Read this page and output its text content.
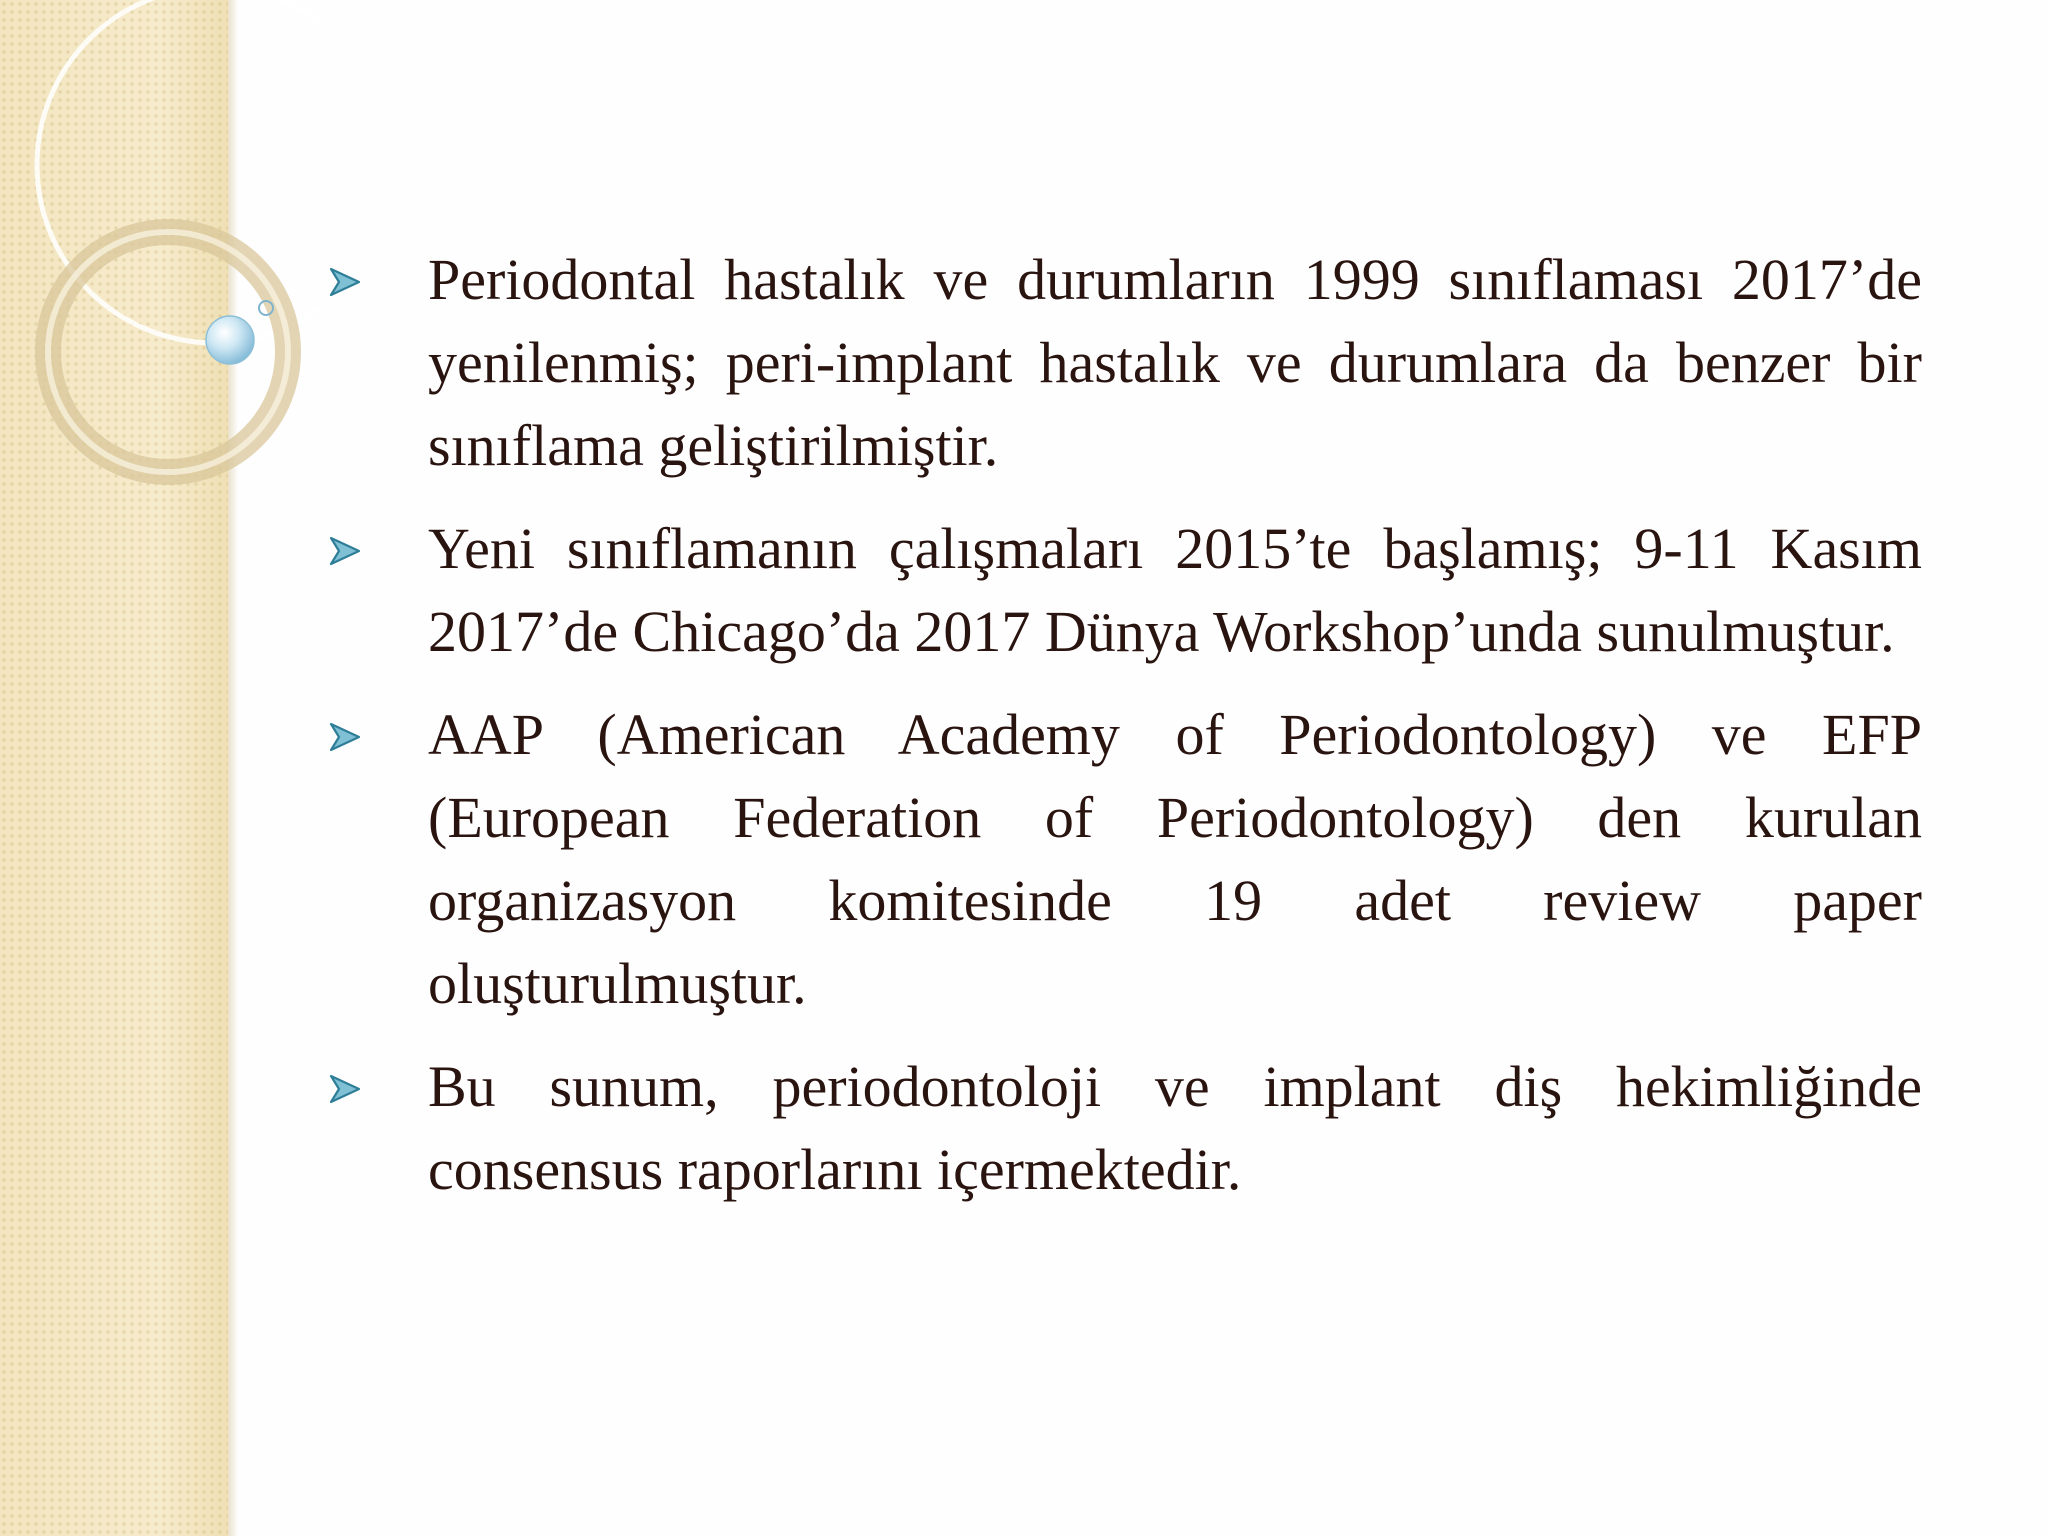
Periodontal hastalık ve durumların 1999 sınıflaması 2017’de yenilenmiş; peri-implant hastalık ve durumlara da benzer bir sınıflama geliştirilmiştir.
Yeni sınıflamanın çalışmaları 2015’te başlamış; 9-11 Kasım 2017’de Chicago’da 2017 Dünya Workshop’unda sunulmuştur.
AAP (American Academy of Periodontology) ve EFP (European Federation of Periodontology) den kurulan organizasyon komitesinde 19 adet review paper oluşturulmuştur.
Bu sunum, periodontoloji ve implant diş hekimliğinde consensus raporlarını içermektedir.
